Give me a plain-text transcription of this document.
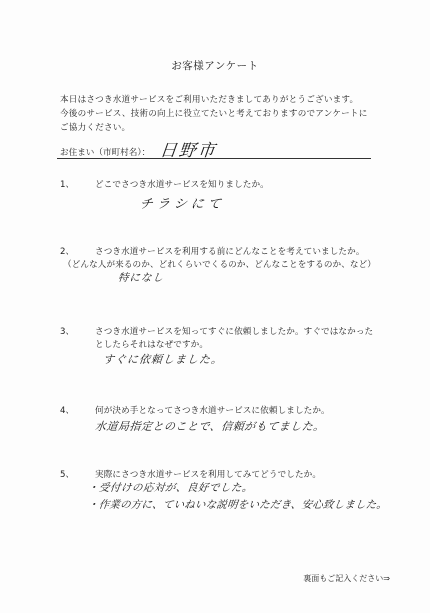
お客様アンケート
本日はさつき水道サービスをご利用いただきましてありがとうございます。
今後のサービス、技術の向上に役立てたいと考えておりますのでアンケートに
ご協力ください。
お住まい（市町村名）： 日野市
1、 どこでさつき水道サービスを知りましたか。
チラシにて
2、 さつき水道サービスを利用する前にどんなことを考えていましたか。
（どんな人が来るのか、どれくらいでくるのか、どんなことをするのか、など）
特になし
3、 さつき水道サービスを知ってすぐに依頼しましたか。すぐではなかった
としたらそれはなぜですか。
すぐに依頼しました。
4、 何が決め手となってさつき水道サービスに依頼しましたか。
水道局指定とのことで、信頼がもてました。
5、 実際にさつき水道サービスを利用してみてどうでしたか。
・受付けの応対が、良好でした。
・作業の方に、ていねいな説明をいただき、安心致しました。
裏面もご記入ください⇒
